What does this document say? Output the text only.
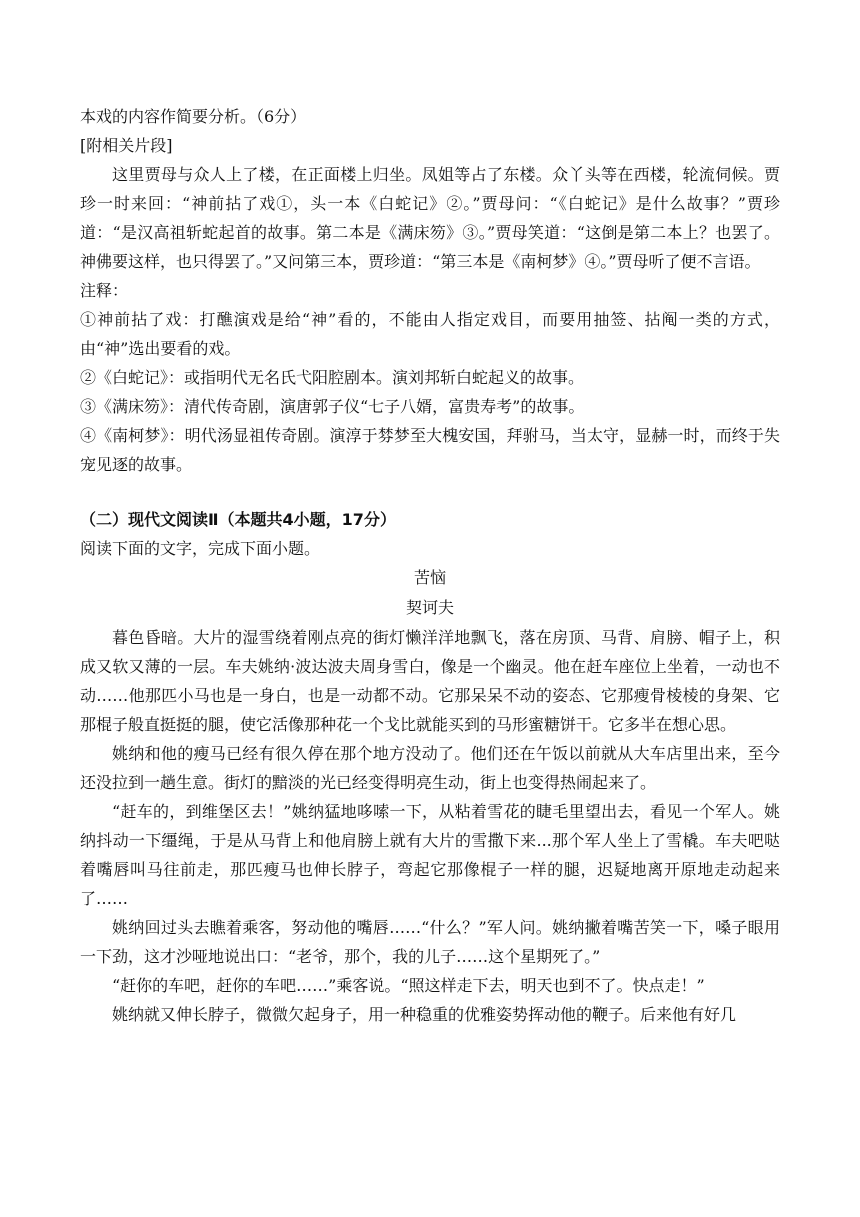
本戏的内容作简要分析。（6分）

[附相关片段]

这里贾母与众人上了楼，在正面楼上归坐。凤姐等占了东楼。众丫头等在西楼，轮流伺候。贾珍一时来回：“神前拈了戏①，头一本《白蛇记》②。”贾母问：“《白蛇记》是什么故事？”贾珍道：“是汉高祖斩蛇起首的故事。第二本是《满床笏》③。”贾母笑道：“这倒是第二本上？也罢了。神佛要这样，也只得罢了。”又问第三本，贾珍道：“第三本是《南柯梦》④。”贾母听了便不言语。

注释：

①神前拈了戏：打醮演戏是给“神”看的，不能由人指定戏目，而要用抽签、拈阄一类的方式，由“神”选出要看的戏。

②《白蛇记》：或指明代无名氏弋阳腔剧本。演刘邦斩白蛇起义的故事。

③《满床笏》：清代传奇剧，演唐郭子仪“七子八婿，富贵寿考”的故事。

④《南柯梦》：明代汤显祖传奇剧。演淳于棼梦至大槐安国，拜驸马，当太守，显赫一时，而终于失宠见逐的故事。

（二）现代文阅读Ⅱ（本题共4小题，17分）

阅读下面的文字，完成下面小题。

苦恼

契诃夫

暮色昏暗。大片的湿雪绕着刚点亮的街灯懒洋洋地飘飞，落在房顶、马背、肩膀、帽子上，积成又软又薄的一层。车夫姚纳·波达波夫周身雪白，像是一个幽灵。他在赶车座位上坐着，一动也不动……他那匹小马也是一身白，也是一动都不动。它那呆呆不动的姿态、它那瘦骨棱棱的身架、它那棍子般直挺挺的腿，使它活像那种花一个戈比就能买到的马形蜜糖饼干。它多半在想心思。

姚纳和他的瘦马已经有很久停在那个地方没动了。他们还在午饭以前就从大车店里出来，至今还没拉到一趟生意。街灯的黯淡的光已经变得明亮生动，街上也变得热闹起来了。

“赶车的，到维堡区去！”姚纳猛地哆嗦一下，从粘着雪花的睫毛里望出去，看见一个军人。姚纳抖动一下缰绳，于是从马背上和他肩膀上就有大片的雪撒下来...那个军人坐上了雪橇。车夫吧哒着嘴唇叫马往前走，那匹瘦马也伸长脖子，弯起它那像棍子一样的腿，迟疑地离开原地走动起来了……

姚纳回过头去瞧着乘客，努动他的嘴唇……“什么？”军人问。姚纳撇着嘴苦笑一下，嗓子眼用一下劲，这才沙哑地说出口：“老爷，那个，我的儿子……这个星期死了。”

“赶你的车吧，赶你的车吧……”乘客说。“照这样走下去，明天也到不了。快点走！”

姚纳就又伸长脖子，微微欠起身子，用一种稳重的优雅姿势挥动他的鞭子。后来他有好几
